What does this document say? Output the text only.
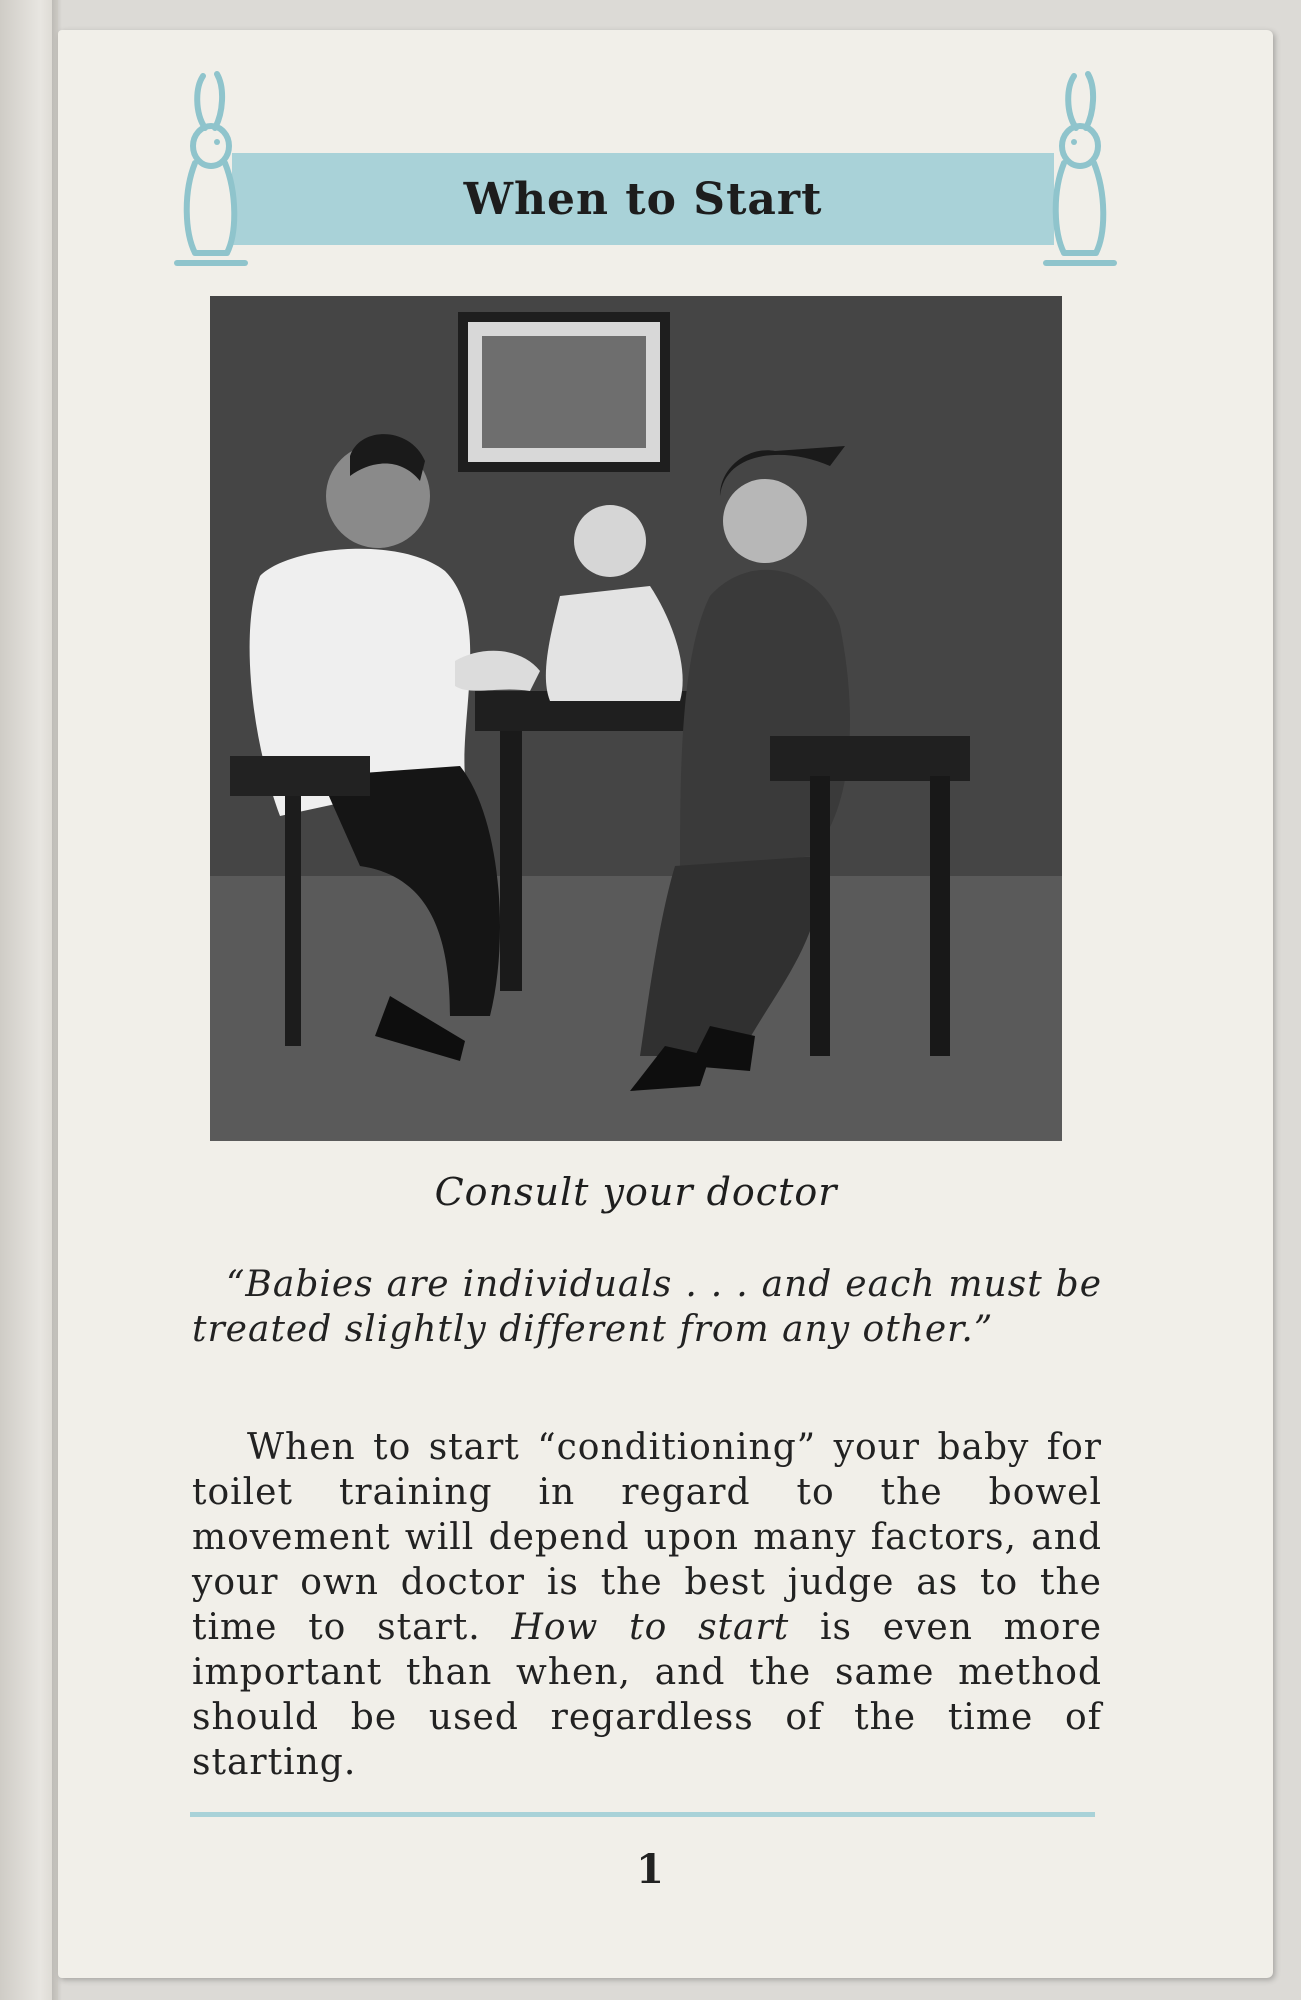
When to Start
Consult your doctor

“Babies are individuals . . . and each must be treated slightly different from any other.”

When to start “conditioning” your baby for toilet training in regard to the bowel movement will depend upon many factors, and your own doctor is the best judge as to the time to start. How to start is even more important than when, and the same method should be used regardless of the time of starting.

1
